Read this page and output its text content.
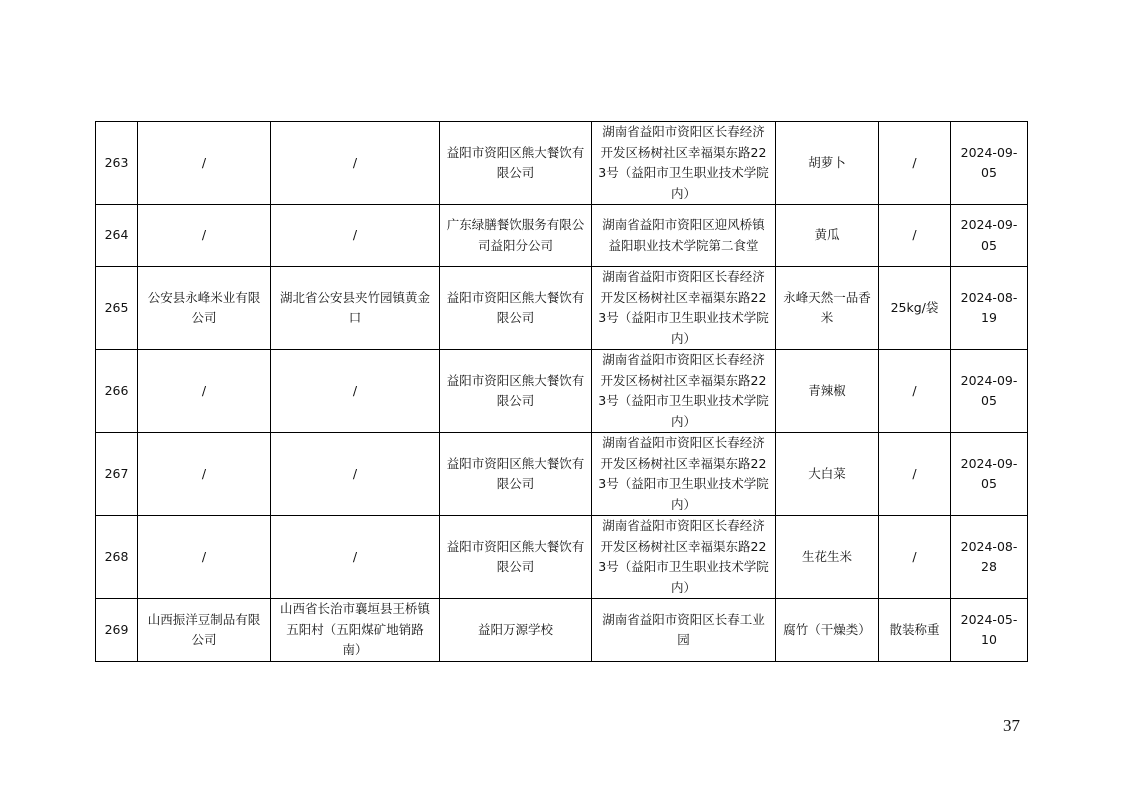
263	/	/	益阳市资阳区熊大餐饮有限公司	湖南省益阳市资阳区长春经济开发区杨树社区幸福渠东路223号（益阳市卫生职业技术学院内）	胡萝卜	/	2024-09-05
264	/	/	广东绿膳餐饮服务有限公司益阳分公司	湖南省益阳市资阳区迎风桥镇益阳职业技术学院第二食堂	黄瓜	/	2024-09-05
265	公安县永峰米业有限公司	湖北省公安县夹竹园镇黄金口	益阳市资阳区熊大餐饮有限公司	湖南省益阳市资阳区长春经济开发区杨树社区幸福渠东路223号（益阳市卫生职业技术学院内）	永峰天然一品香米	25kg/袋	2024-08-19
266	/	/	益阳市资阳区熊大餐饮有限公司	湖南省益阳市资阳区长春经济开发区杨树社区幸福渠东路223号（益阳市卫生职业技术学院内）	青辣椒	/	2024-09-05
267	/	/	益阳市资阳区熊大餐饮有限公司	湖南省益阳市资阳区长春经济开发区杨树社区幸福渠东路223号（益阳市卫生职业技术学院内）	大白菜	/	2024-09-05
268	/	/	益阳市资阳区熊大餐饮有限公司	湖南省益阳市资阳区长春经济开发区杨树社区幸福渠东路223号（益阳市卫生职业技术学院内）	生花生米	/	2024-08-28
269	山西振洋豆制品有限公司	山西省长治市襄垣县王桥镇五阳村（五阳煤矿地销路南）	益阳万源学校	湖南省益阳市资阳区长春工业园	腐竹（干燥类）	散装称重	2024-05-10
37
